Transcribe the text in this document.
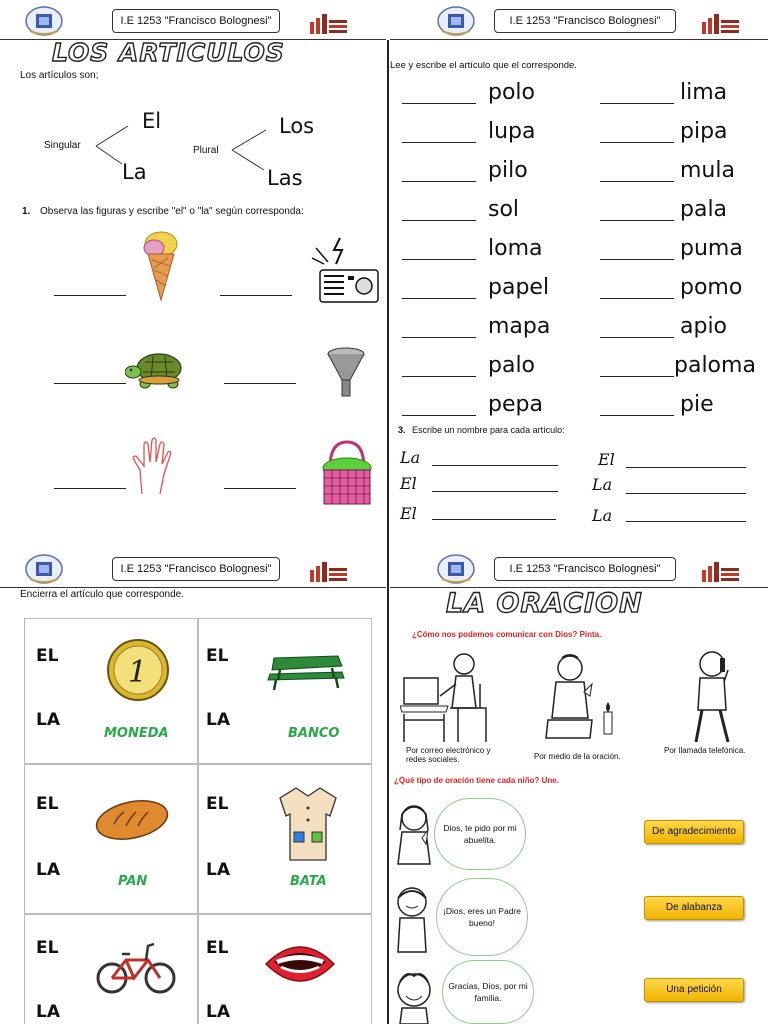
I.E 1253 "Francisco Bolognesi"
LOS ARTICULOS
Los artículos son;
Singular	Plural
El
La
Los
Las
1. Observa las figuras y escribe "el" o "la" según corresponda:
I.E 1253 "Francisco Bolognesi"
Lee y escribe el artículo que el corresponde.
polo	lima
lupa	pipa
pilo	mula
sol	pala
loma	puma
papel	pomo
mapa	apio
palo	paloma
pepa	pie
3. Escribe un nombre para cada artículo:
La
El
El
El
La
La
I.E 1253 "Francisco Bolognesi"
Encierra el artículo que corresponde.
EL
LA
1
MONEDA
EL
LA
BANCO
EL
LA
PAN
EL
LA
BATA
EL
LA
EL
LA
I.E 1253 "Francisco Bolognesi"
LA ORACION
¿Cómo nos podemos comunicar con Dios? Pinta.
Por correo electrónico y redes sociales.	Por medio de la oración.
Por llamada telefónica.
¿Qué tipo de oración tiene cada niño? Une.
Dios, te pido por mi abuelita.
¡Dios, eres un Padre bueno!
Gracias, Dios, por mi familia.
De agradecimiento
De alabanza
Una petición
